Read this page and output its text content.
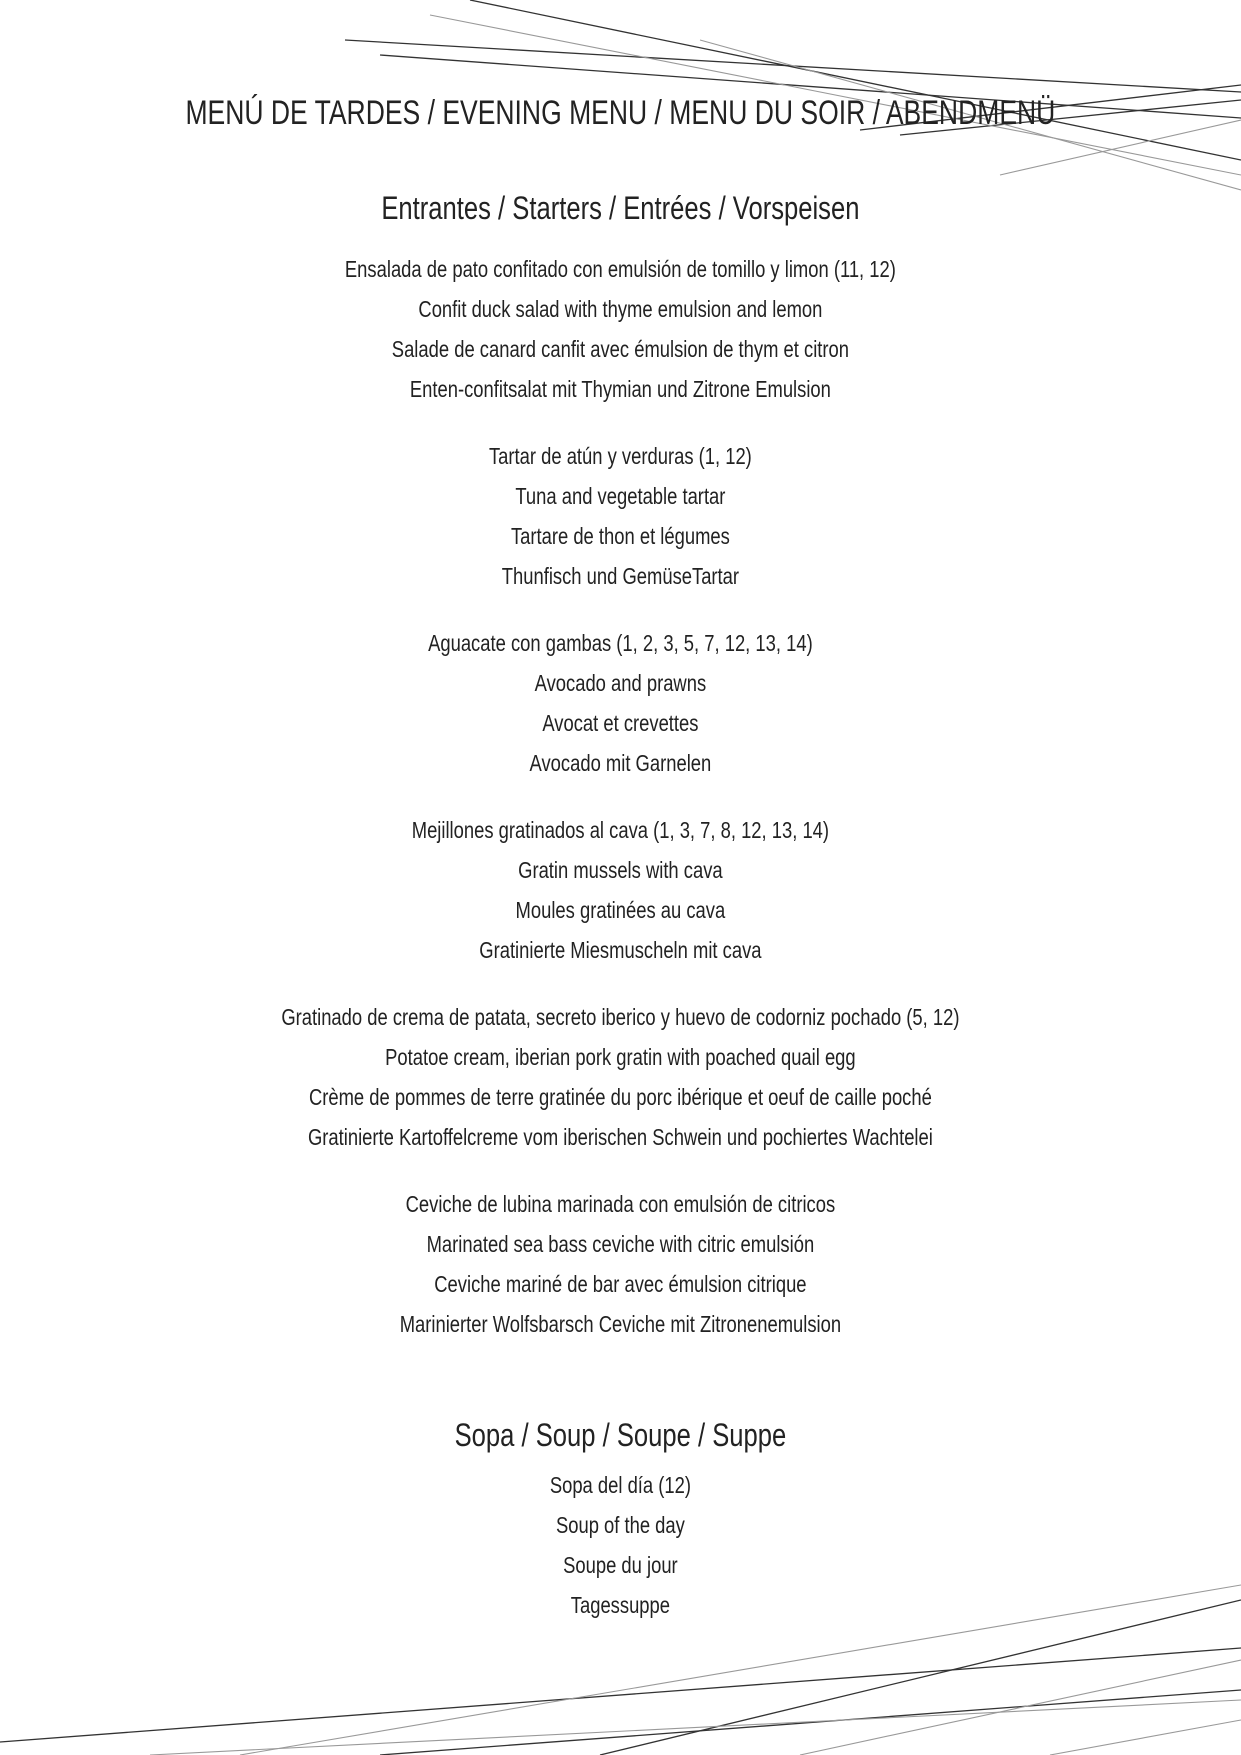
MENÚ DE TARDES / EVENING MENU / MENU DU SOIR / ABENDMENÜ
Entrantes / Starters / Entrées / Vorspeisen
Ensalada de pato confitado con emulsión de tomillo y limon (11, 12)
Confit duck salad with thyme emulsion and lemon
Salade de canard canfit avec émulsion de thym et citron
Enten-confitsalat mit Thymian und Zitrone Emulsion
Tartar de atún y verduras (1, 12)
Tuna and vegetable tartar
Tartare de thon et légumes
Thunfisch und GemüseTartar
Aguacate con gambas (1, 2, 3, 5, 7, 12, 13, 14)
Avocado and prawns
Avocat et crevettes
Avocado mit Garnelen
Mejillones gratinados al cava (1, 3, 7, 8, 12, 13, 14)
Gratin mussels with cava
Moules gratinées au cava
Gratinierte Miesmuscheln mit cava
Gratinado de crema de patata, secreto iberico y huevo de codorniz pochado (5, 12)
Potatoe cream, iberian pork gratin with poached quail egg
Crème de pommes de terre gratinée du porc ibérique et oeuf de caille poché
Gratinierte Kartoffelcreme vom iberischen Schwein und pochiertes Wachtelei
Ceviche de lubina marinada con emulsión de citricos
Marinated sea bass ceviche with citric emulsión
Ceviche mariné de bar avec émulsion citrique
Marinierter Wolfsbarsch Ceviche mit Zitronenemulsion
Sopa / Soup / Soupe / Suppe
Sopa del día (12)
Soup of the day
Soupe du jour
Tagessuppe
